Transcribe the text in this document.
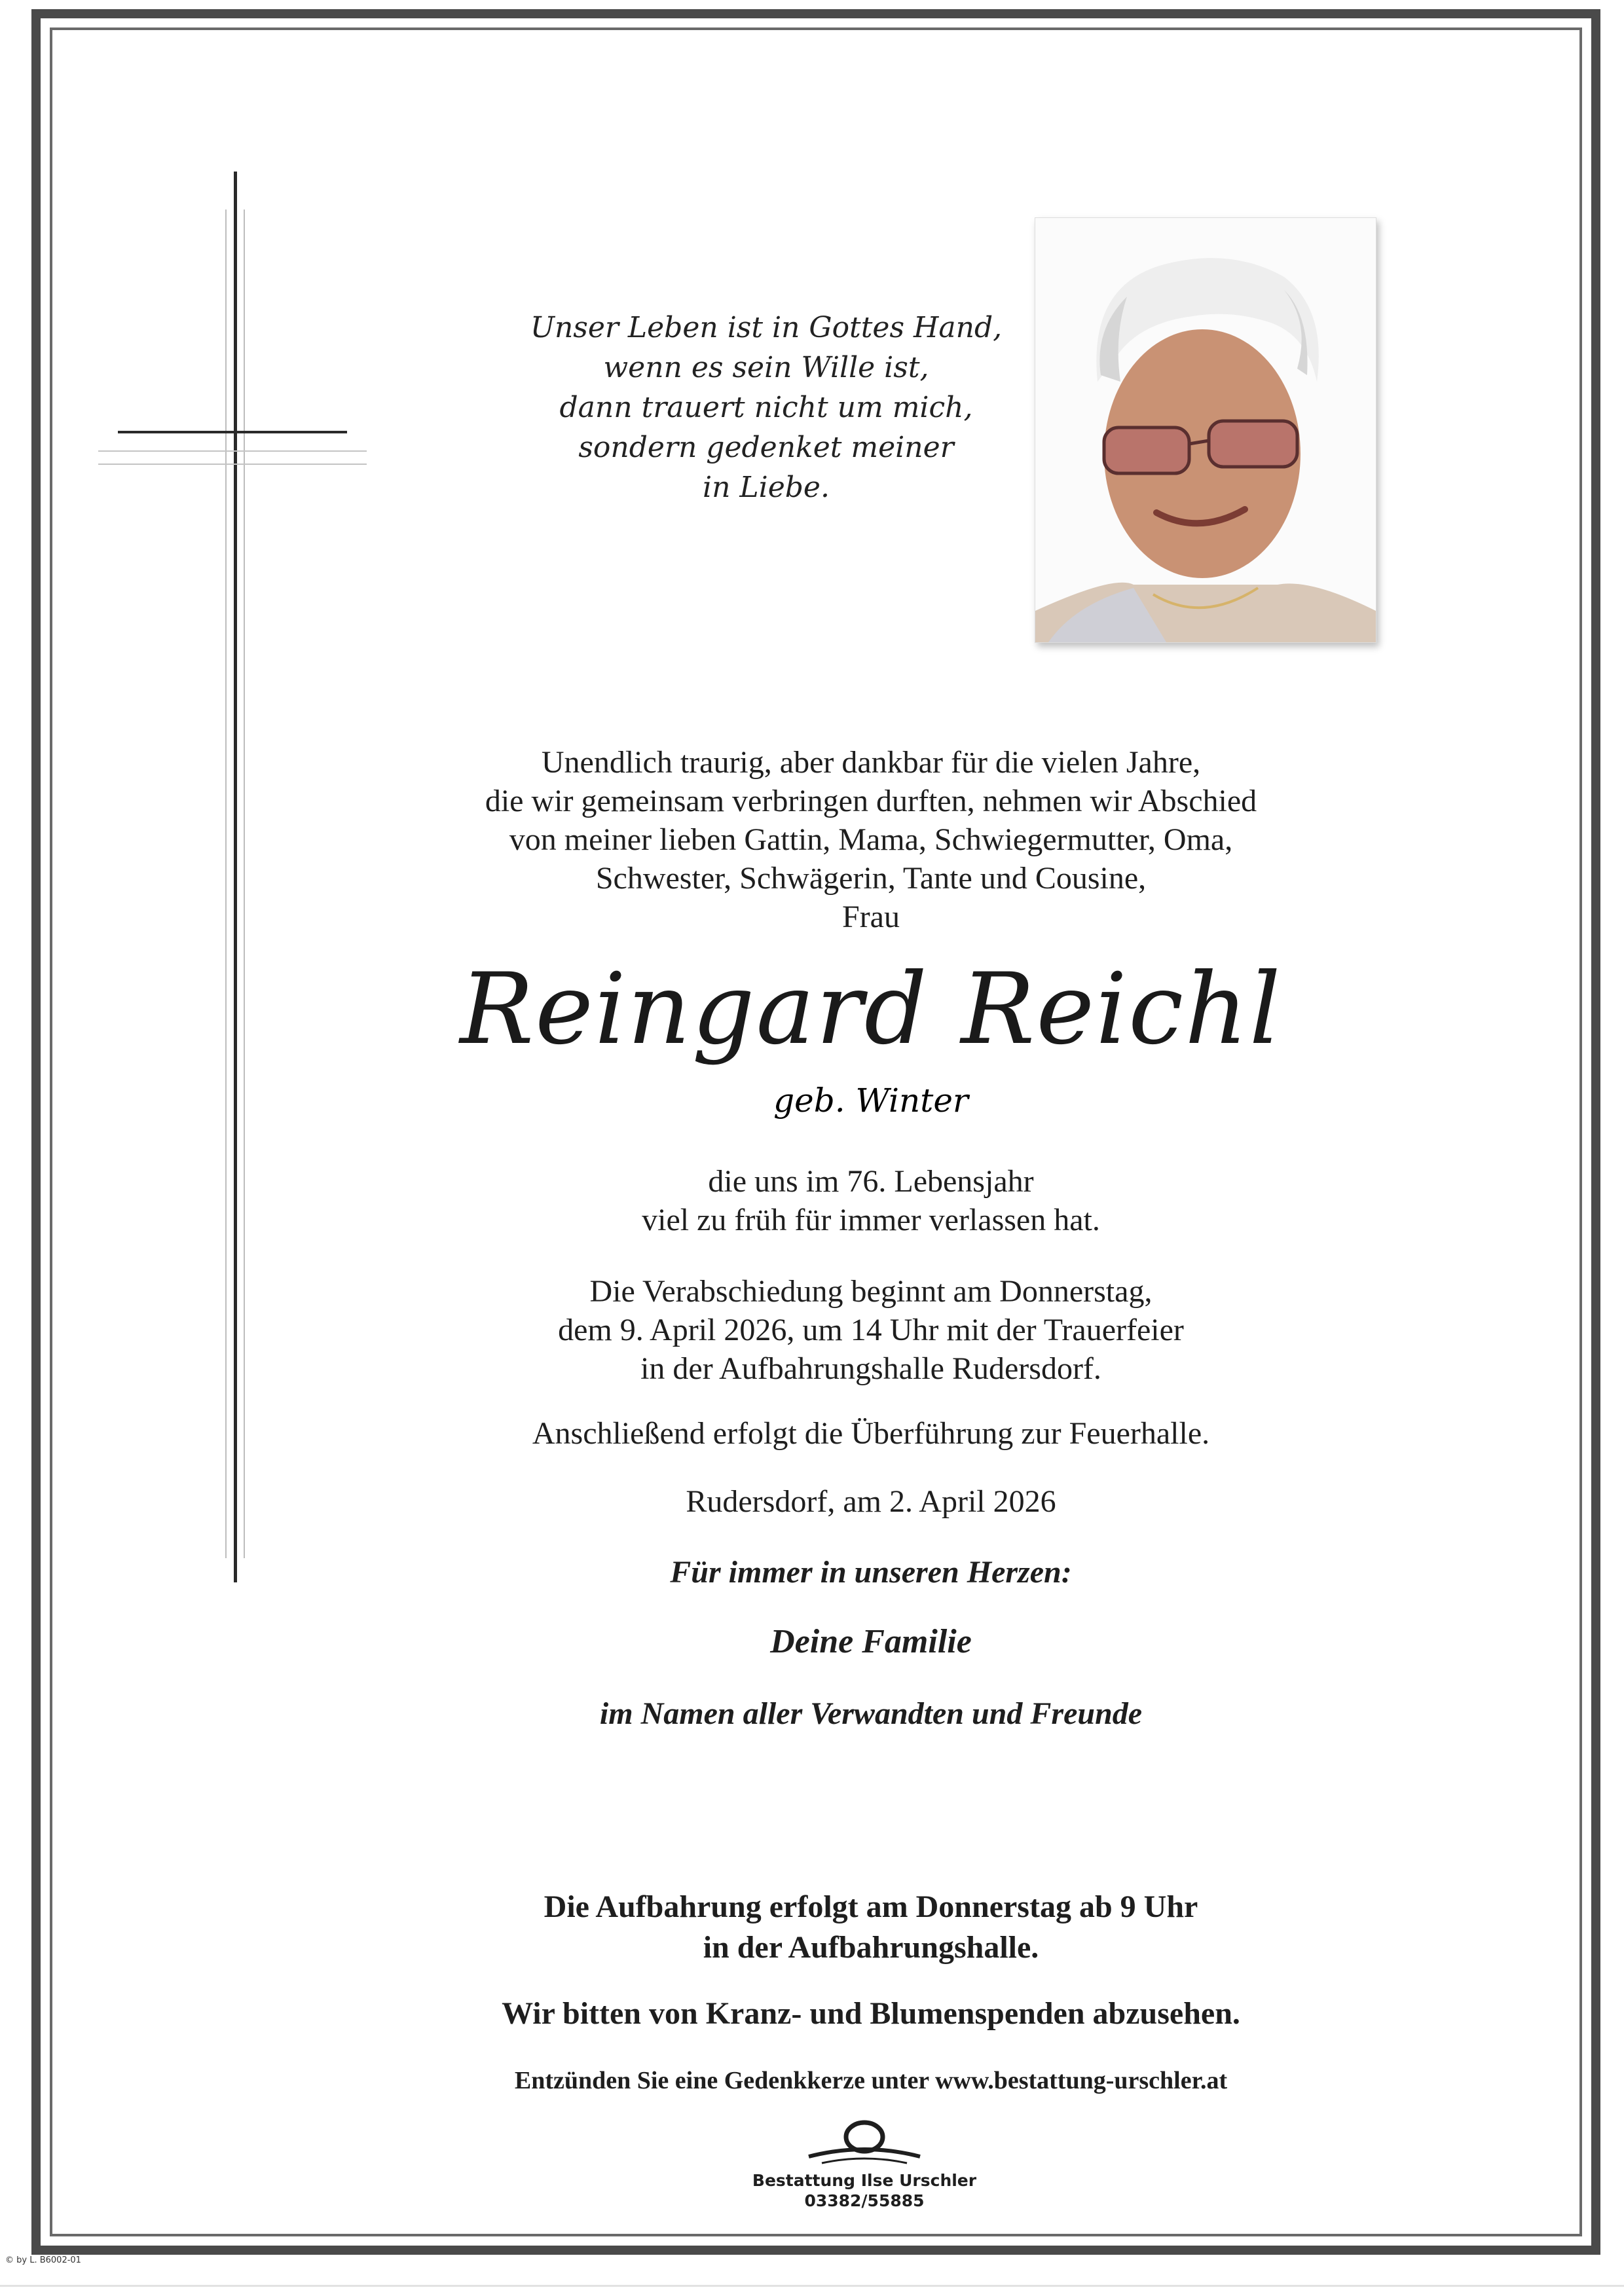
Unser Leben ist in Gottes Hand,
wenn es sein Wille ist,
dann trauert nicht um mich,
sondern gedenket meiner
in Liebe.
Unendlich traurig, aber dankbar für die vielen Jahre,
die wir gemeinsam verbringen durften, nehmen wir Abschied
von meiner lieben Gattin, Mama, Schwiegermutter, Oma,
Schwester, Schwägerin, Tante und Cousine,
Frau
Reingard Reichl
geb. Winter
die uns im 76. Lebensjahr
viel zu früh für immer verlassen hat.
Die Verabschiedung beginnt am Donnerstag,
dem 9. April 2026, um 14 Uhr mit der Trauerfeier
in der Aufbahrungshalle Rudersdorf.
Anschließend erfolgt die Überführung zur Feuerhalle.
Rudersdorf, am 2. April 2026
Für immer in unseren Herzen:
Deine Familie
im Namen aller Verwandten und Freunde
Die Aufbahrung erfolgt am Donnerstag ab 9 Uhr
in der Aufbahrungshalle.
Wir bitten von Kranz- und Blumenspenden abzusehen.
Entzünden Sie eine Gedenkkerze unter www.bestattung-urschler.at
Bestattung Ilse Urschler
03382/55885
© by L. B6002-01
